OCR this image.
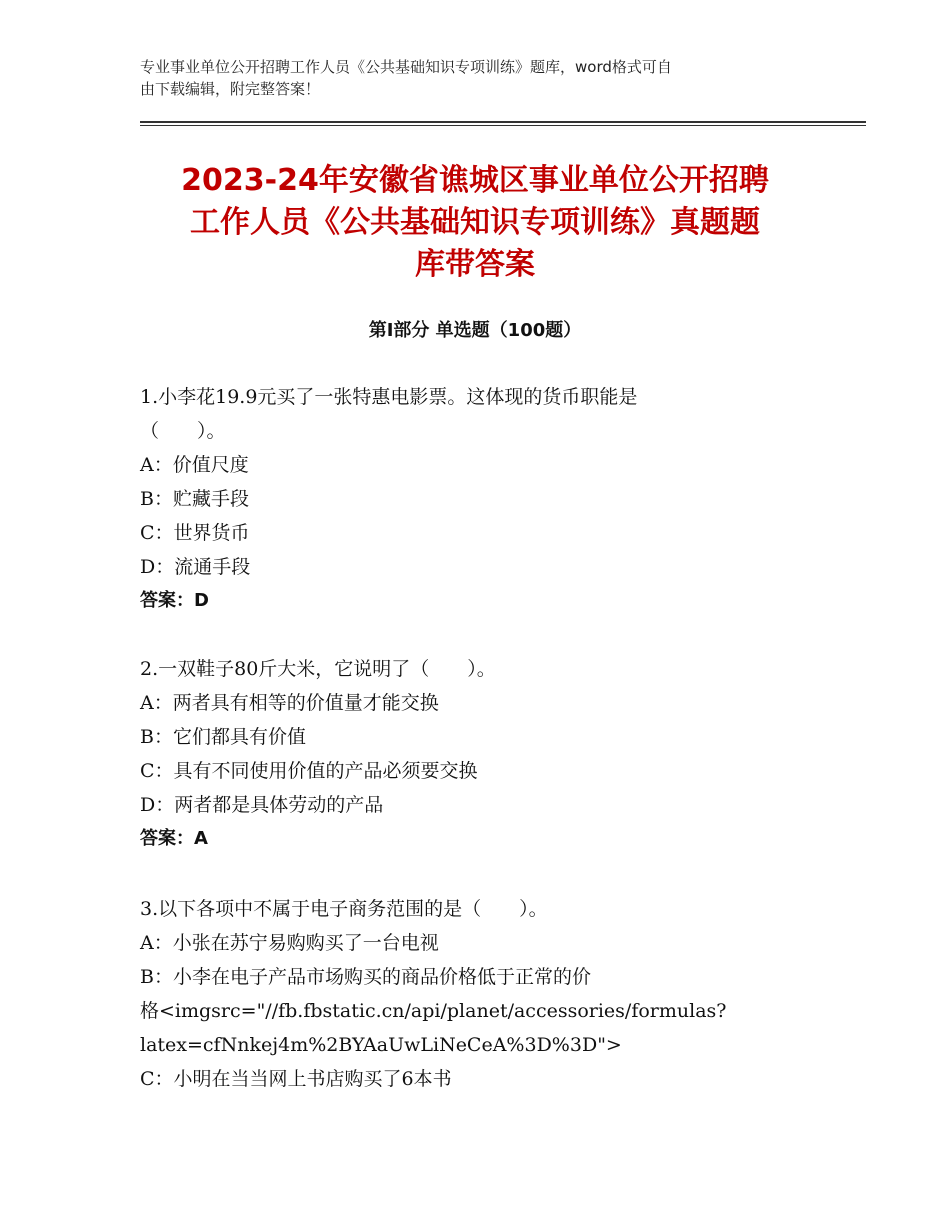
专业事业单位公开招聘工作人员《公共基础知识专项训练》题库，word格式可自
由下载编辑，附完整答案！
2023-24年安徽省谯城区事业单位公开招聘
工作人员《公共基础知识专项训练》真题题
库带答案
第Ⅰ部分 单选题（100题）
1.小李花19.9元买了一张特惠电影票。这体现的货币职能是
（　　）。
A：价值尺度
B：贮藏手段
C：世界货币
D：流通手段
答案：D
2.一双鞋子80斤大米，它说明了（　　）。
A：两者具有相等的价值量才能交换
B：它们都具有价值
C：具有不同使用价值的产品必须要交换
D：两者都是具体劳动的产品
答案：A
3.以下各项中不属于电子商务范围的是（　　）。
A：小张在苏宁易购购买了一台电视
B：小李在电子产品市场购买的商品价格低于正常的价
格<imgsrc="//fb.fbstatic.cn/api/planet/accessories/formulas?
latex=cfNnkej4m%2BYAaUwLiNeCeA%3D%3D">
C：小明在当当网上书店购买了6本书
